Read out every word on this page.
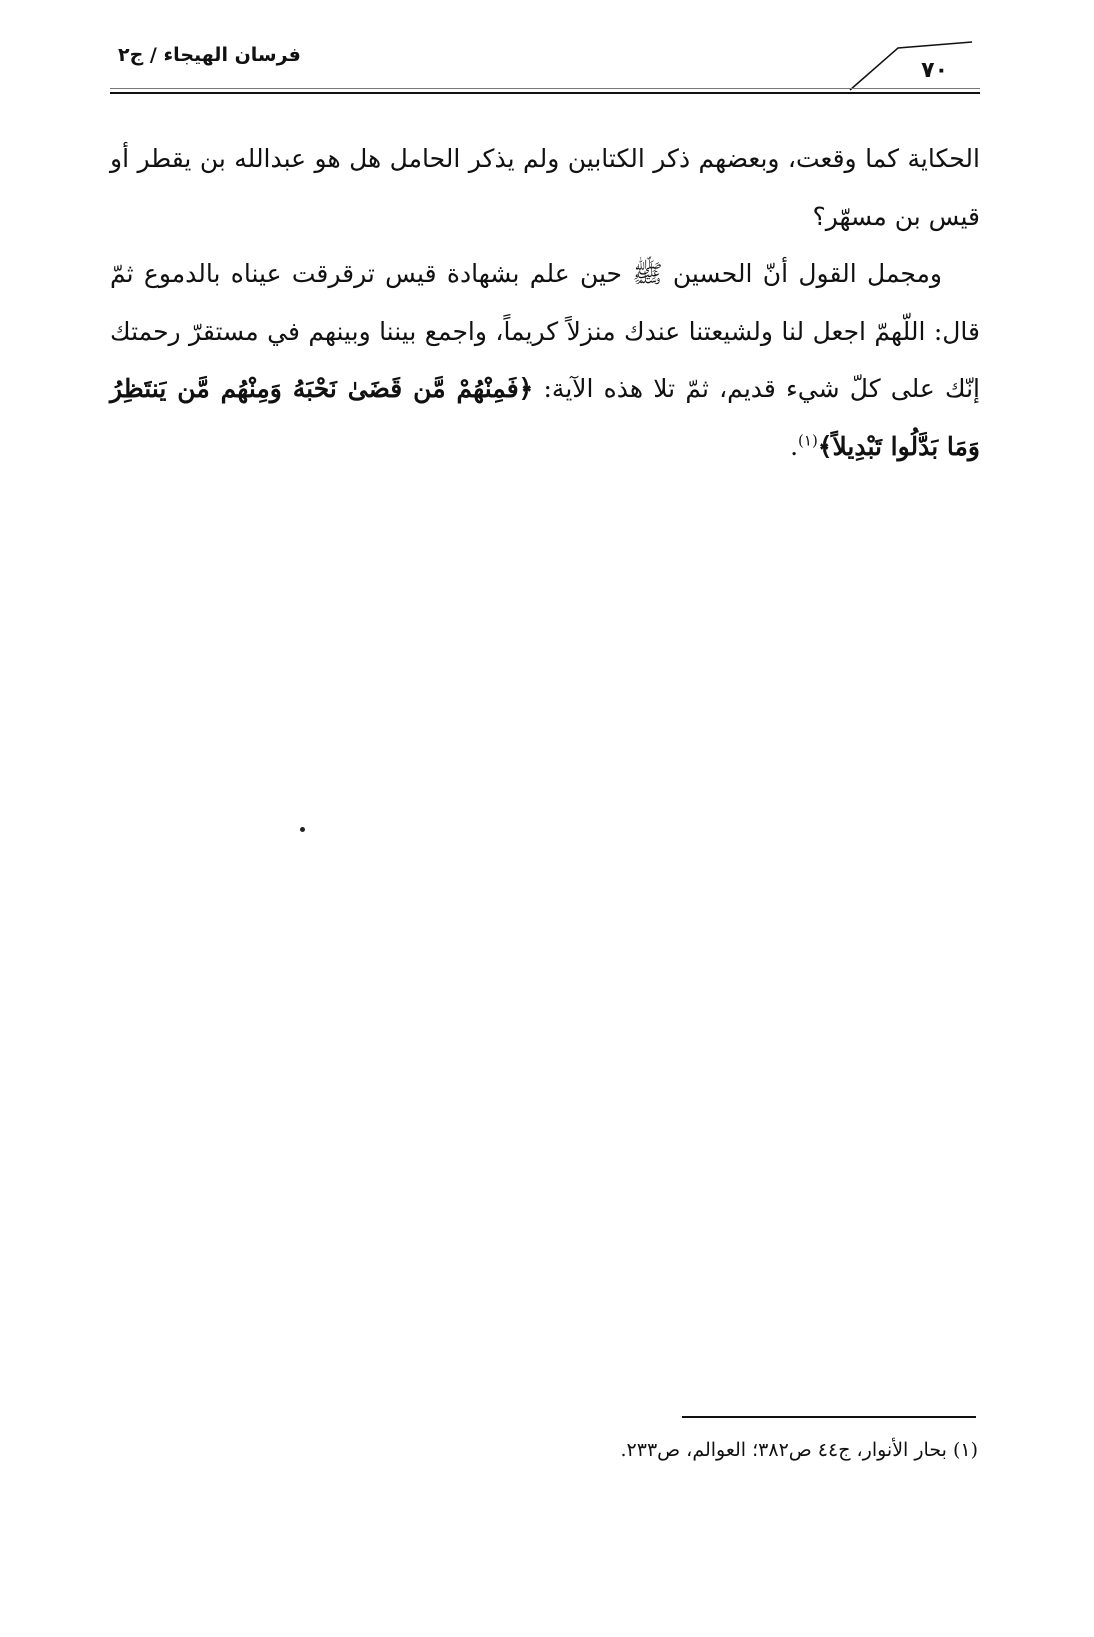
فرسان الهيجاء / ج٢
٧٠

الحكاية كما وقعت، وبعضهم ذكر الكتابين ولم يذكر الحامل هل هو عبدالله بن يقطر أو قيس بن مسهّر؟

ومجمل القول أنّ الحسين ﷺ حين علم بشهادة قيس ترقرقت عيناه بالدموع ثمّ قال: اللّهمّ اجعل لنا ولشيعتنا عندك منزلاً كريماً، واجمع بيننا وبينهم في مستقرّ رحمتك إنّك على كلّ شيء قديم، ثمّ تلا هذه الآية: ﴿فَمِنْهُمْ مَّن قَضَىٰ نَحْبَهُ وَمِنْهُم مَّن يَنتَظِرُ وَمَا بَدَّلُوا تَبْدِيلاً﴾$^{(١)}$.

(١) بحار الأنوار، ج٤٤ ص٣٨٢؛ العوالم، ص٢٣٣.
